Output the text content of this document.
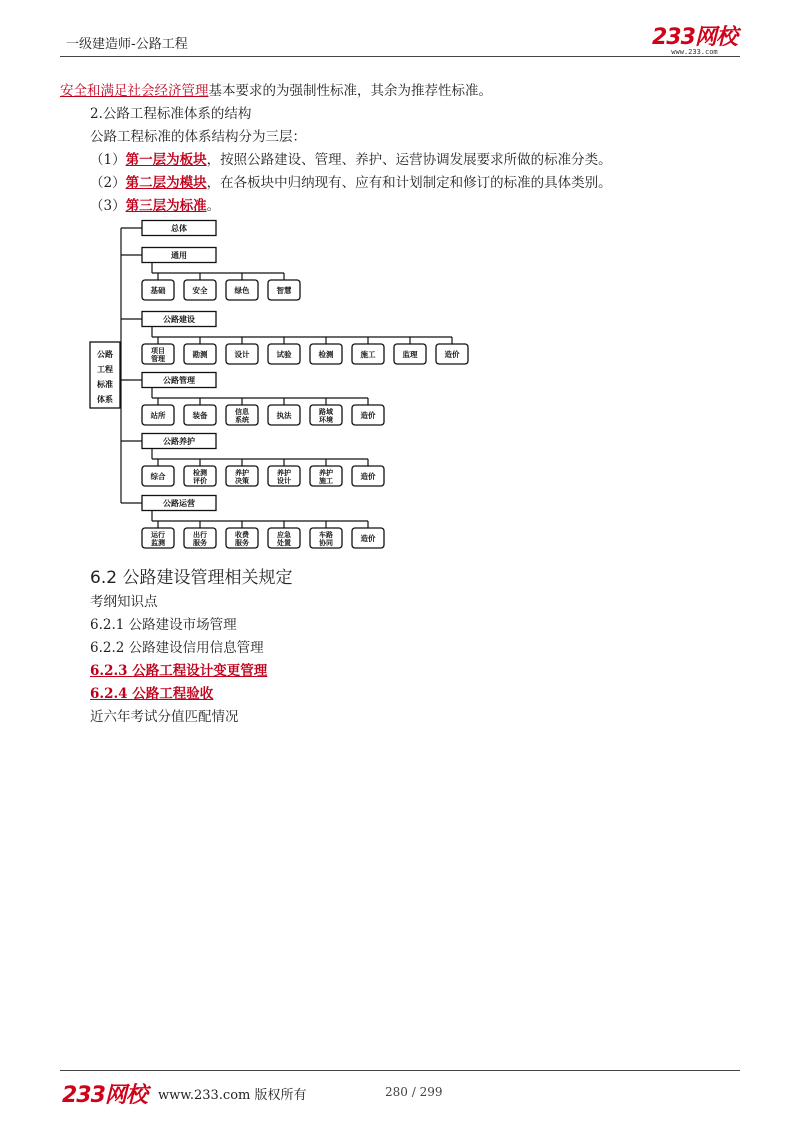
一级建造师-公路工程	233网校
www.233.com
安全和满足社会经济管理基本要求的为强制性标准，其余为推荐性标准。
2.公路工程标准体系的结构
公路工程标准的体系结构分为三层：
（1）第一层为板块，按照公路建设、管理、养护、运营协调发展要求所做的标准分类。
（2）第二层为模块，在各板块中归纳现有、应有和计划制定和修订的标准的具体类别。
（3）第三层为标准。
公路
工程
标准
体系
总体
通用
基础	安全	绿色	智慧
公路建设
项目
管理	勘测	设计	试验	检测	施工	监理	造价
公路管理
站所	装备	信息
系统	执法	路域
环境	造价
公路养护
综合	检测
评价
养护
决策
养护
设计
养护
施工	造价
公路运营
运行
监测
出行
服务
收费
服务
应急
处置
车路
协同	造价
6.2 公路建设管理相关规定
考纲知识点
6.2.1 公路建设市场管理
6.2.2 公路建设信用信息管理
6.2.3 公路工程设计变更管理
6.2.4 公路工程验收
近六年考试分值匹配情况
233网校 www.233.com 版权所有	280 / 299
